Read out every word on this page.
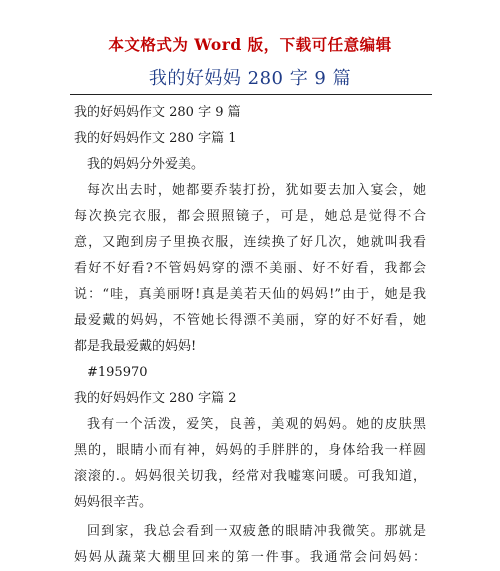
本文格式为 Word 版，下载可任意编辑
我的好妈妈 280 字 9 篇

我的好妈妈作文 280 字 9 篇

我的好妈妈作文 280 字篇 1

我的妈妈分外爱美。

每次出去时，她都要乔装打扮，犹如要去加入宴会，她
每次换完衣服，都会照照镜子，可是，她总是觉得不合
意，又跑到房子里换衣服，连续换了好几次，她就叫我看
看好不好看?不管妈妈穿的漂不美丽、好不好看，我都会
说：“哇，真美丽呀!真是美若天仙的妈妈!”由于，她是我
最爱戴的妈妈，不管她长得漂不美丽，穿的好不好看，她
都是我最爱戴的妈妈!

#195970

我的好妈妈作文 280 字篇 2

我有一个活泼，爱笑，良善，美观的妈妈。她的皮肤黑
黑的，眼睛小而有神，妈妈的手胖胖的，身体给我一样圆
滚滚的.。妈妈很关切我，经常对我嘘寒问暖。可我知道，
妈妈很辛苦。
回到家，我总会看到一双疲惫的眼睛冲我微笑。那就是
妈妈从蔬菜大棚里回来的第一件事。我通常会问妈妈：
